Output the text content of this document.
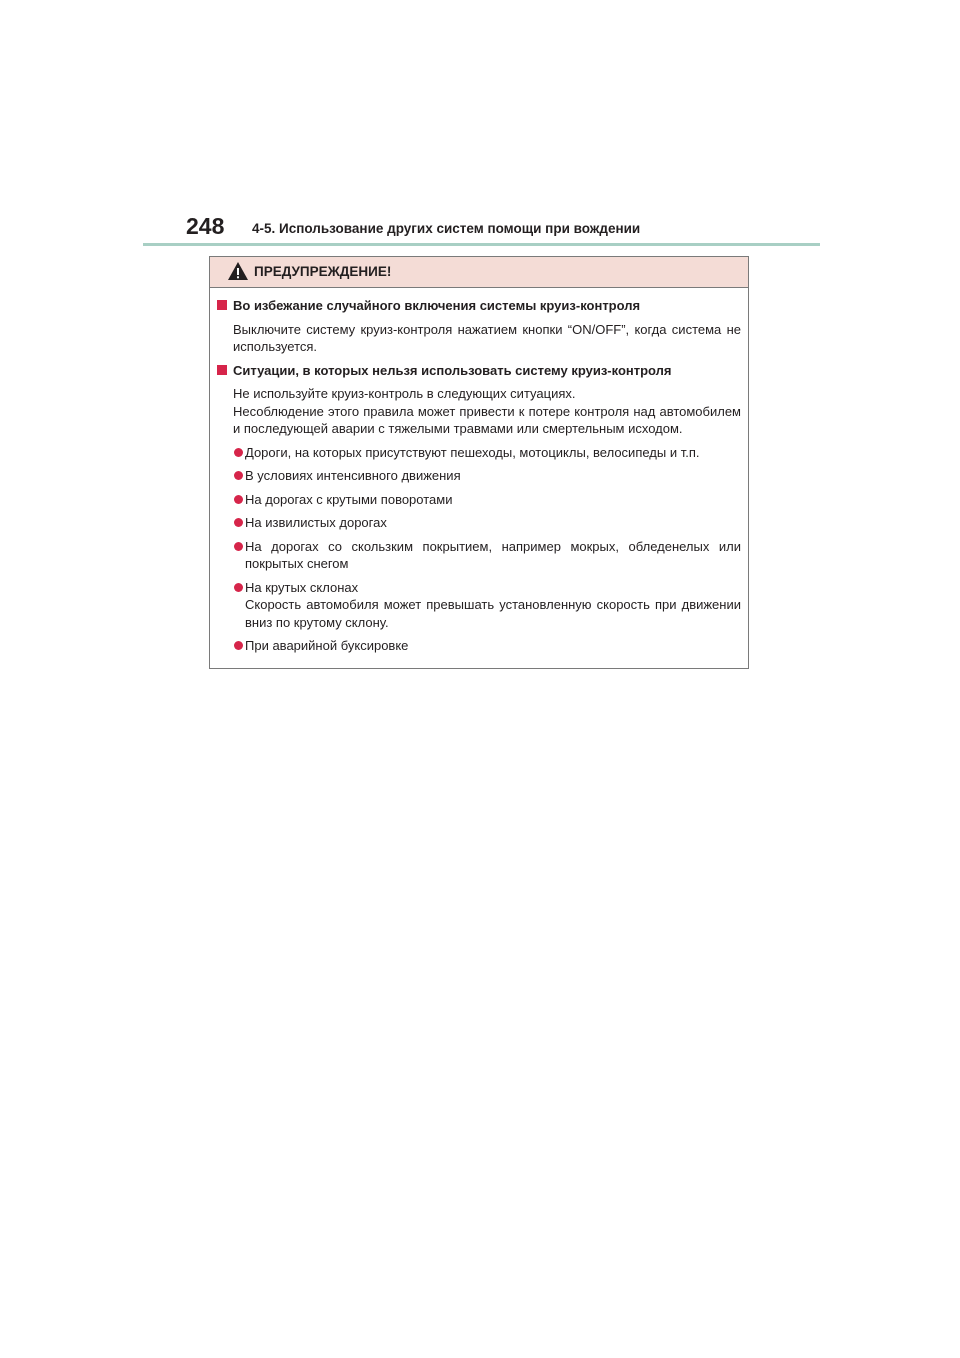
248 4-5. Использование других систем помощи при вождении
ПРЕДУПРЕЖДЕНИЕ!
Во избежание случайного включения системы круиз-контроля
Выключите систему круиз-контроля нажатием кнопки “ON/OFF”, когда система не используется.
Ситуации, в которых нельзя использовать систему круиз-контроля
Не используйте круиз-контроль в следующих ситуациях.
Несоблюдение этого правила может привести к потере контроля над автомобилем и последующей аварии с тяжелыми травмами или смертельным исходом.
Дороги, на которых присутствуют пешеходы, мотоциклы, велосипеды и т.п.
В условиях интенсивного движения
На дорогах с крутыми поворотами
На извилистых дорогах
На дорогах со скользким покрытием, например мокрых, обледенелых или покрытых снегом
На крутых склонах
Скорость автомобиля может превышать установленную скорость при движении вниз по крутому склону.
При аварийной буксировке
